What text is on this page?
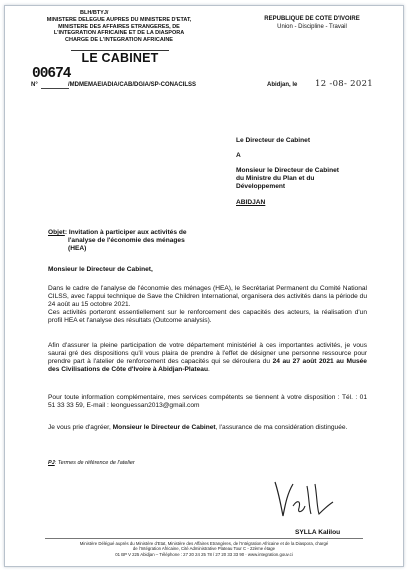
BLH/BTYJ/
MINISTERE DELEGUE AUPRES DU MINISTERE D'ETAT,
MINISTERE DES AFFAIRES ETRANGERES, DE
L'INTEGRATION AFRICAINE ET DE LA DIASPORA
CHARGE DE L'INTEGRATION AFRICAINE
LE CABINET
00674
N°	/MDMEMAEIADIA/CAB/DGIA/SP-CONACILSS
REPUBLIQUE DE COTE D'IVOIRE
Union - Discipline - Travail
Abidjan, le 12 -08- 2021
Le Directeur de Cabinet
A
Monsieur le Directeur de Cabinet
du Ministre du Plan et du
Développement
ABIDJAN
Objet: Invitation à participer aux activités de
l'analyse de l'économie des ménages
(HEA)
Monsieur le Directeur de Cabinet,
Dans le cadre de l'analyse de l'économie des ménages (HEA), le Secrétariat Permanent du Comité National CILSS, avec l'appui technique de Save the Children International, organisera des activités dans la période du 24 août au 15 octobre 2021.
Ces activités porteront essentiellement sur le renforcement des capacités des acteurs, la réalisation d'un profil HEA et l'analyse des résultats (Outcome analysis).
Afin d'assurer la pleine participation de votre département ministériel à ces importantes activités, je vous saurai gré des dispositions qu'il vous plaira de prendre à l'effet de désigner une personne ressource pour prendre part à l'atelier de renforcement des capacités qui se déroulera du 24 au 27 août 2021 au Musée des Civilisations de Côte d'Ivoire à Abidjan-Plateau.
Pour toute information complémentaire, mes services compétents se tiennent à votre disposition : Tél. : 01 51 33 33 59, E-mail : leonguessan2013@gmail.com
Je vous prie d'agréer, Monsieur le Directeur de Cabinet, l'assurance de ma considération distinguée.
PJ: Termes de référence de l'atelier
SYLLA Kalilou
Ministère Délégué auprès du Ministère d'Etat, Ministère des Affaires Etrangères, de l'Intégration Africaine et de la Diaspora, chargé
de l'Intégration Africaine, Cité Administrative Plateau Tour C - 22ème étage
01 BP V 225 Abidjan – Téléphone : 27 20 24 25 78 / 27 20 33 33 90 · www.integration.gouv.ci
